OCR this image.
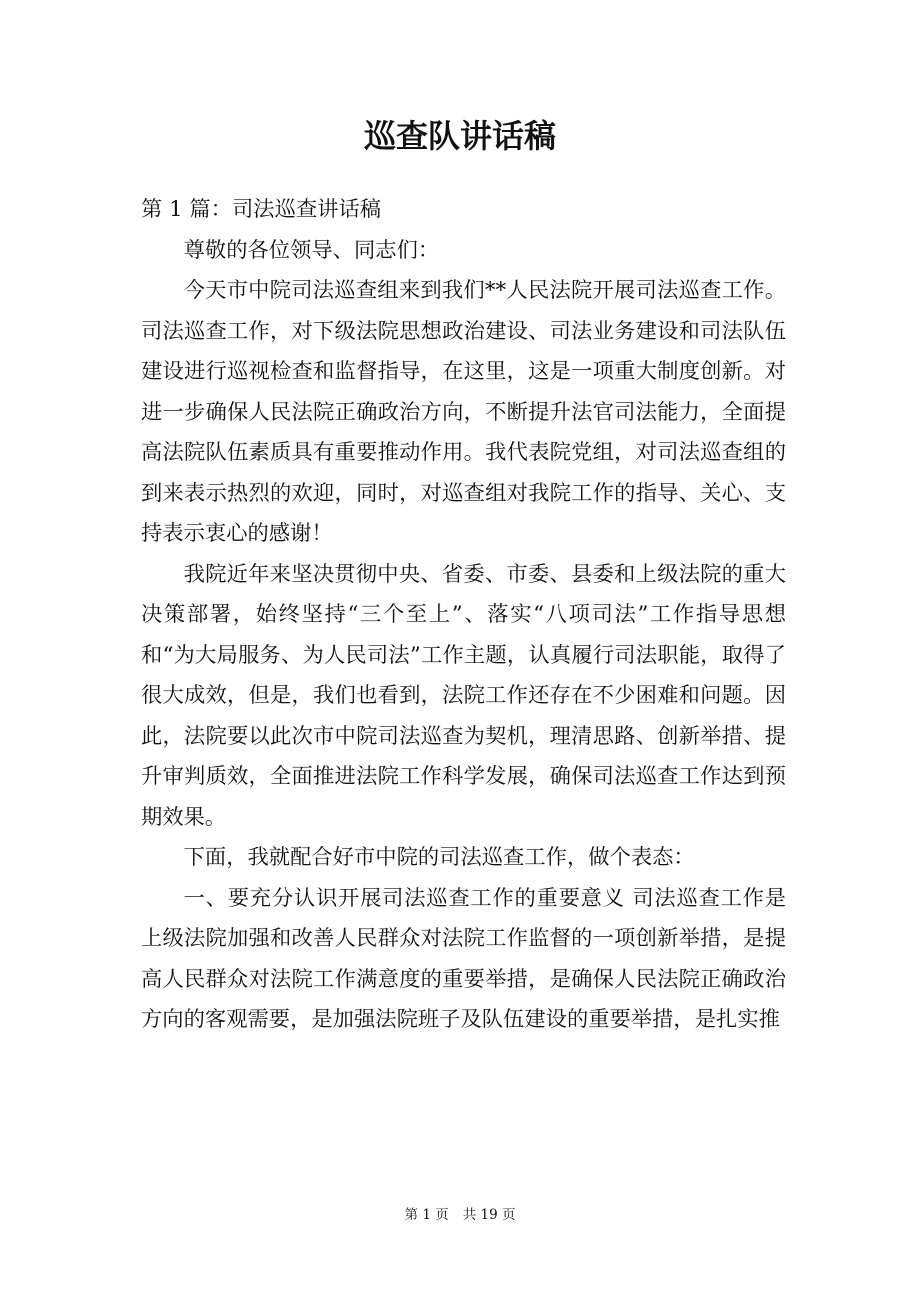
巡查队讲话稿

第 1 篇：司法巡查讲话稿

尊敬的各位领导、同志们：

今天市中院司法巡查组来到我们**人民法院开展司法巡查工作。司法巡查工作，对下级法院思想政治建设、司法业务建设和司法队伍建设进行巡视检查和监督指导，在这里，这是一项重大制度创新。对进一步确保人民法院正确政治方向，不断提升法官司法能力，全面提高法院队伍素质具有重要推动作用。我代表院党组，对司法巡查组的到来表示热烈的欢迎，同时，对巡查组对我院工作的指导、关心、支持表示衷心的感谢！

我院近年来坚决贯彻中央、省委、市委、县委和上级法院的重大决策部署，始终坚持“三个至上”、落实“八项司法”工作指导思想和“为大局服务、为人民司法”工作主题，认真履行司法职能，取得了很大成效，但是，我们也看到，法院工作还存在不少困难和问题。因此，法院要以此次市中院司法巡查为契机，理清思路、创新举措、提升审判质效，全面推进法院工作科学发展，确保司法巡查工作达到预期效果。

下面，我就配合好市中院的司法巡查工作，做个表态：

一、要充分认识开展司法巡查工作的重要意义 司法巡查工作是上级法院加强和改善人民群众对法院工作监督的一项创新举措，是提高人民群众对法院工作满意度的重要举措，是确保人民法院正确政治方向的客观需要，是加强法院班子及队伍建设的重要举措，是扎实推

第 1 页 共 19 页
